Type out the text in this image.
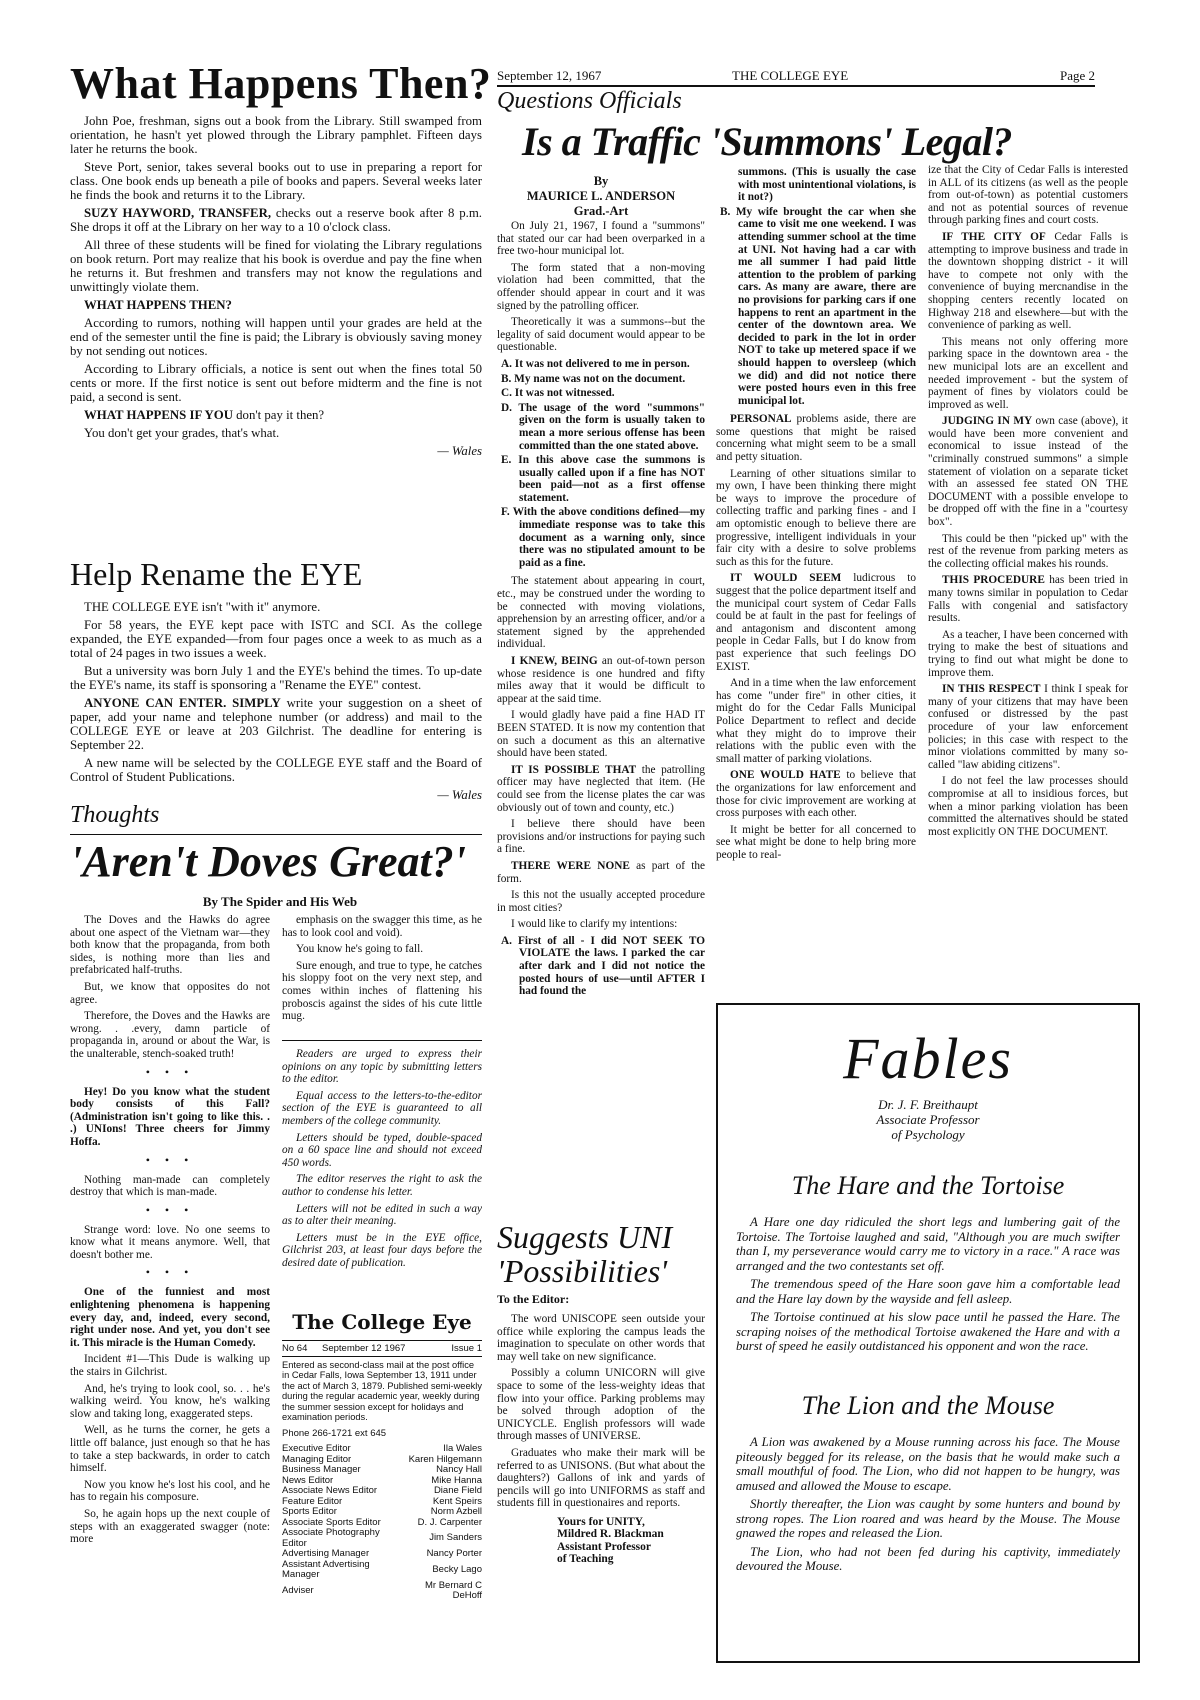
September 12, 1967	THE COLLEGE EYE	Page 2
What Happens Then?

John Poe, freshman, signs out a book from the Library. Still swamped from orientation, he hasn't yet plowed through the Library pamphlet. Fifteen days later he returns the book.

Steve Port, senior, takes several books out to use in preparing a report for class. One book ends up beneath a pile of books and papers. Several weeks later he finds the book and returns it to the Library.

SUZY HAYWORD, TRANSFER, checks out a reserve book after 8 p.m. She drops it off at the Library on her way to a 10 o'clock class.

All three of these students will be fined for violating the Library regulations on book return. Port may realize that his book is overdue and pay the fine when he returns it. But freshmen and transfers may not know the regulations and unwittingly violate them.

WHAT HAPPENS THEN?

According to rumors, nothing will happen until your grades are held at the end of the semester until the fine is paid; the Library is obviously saving money by not sending out notices.

According to Library officials, a notice is sent out when the fines total 50 cents or more. If the first notice is sent out before midterm and the fine is not paid, a second is sent.

WHAT HAPPENS IF YOU don't pay it then?

You don't get your grades, that's what.

— Wales
Help Rename the EYE

THE COLLEGE EYE isn't "with it" anymore.

For 58 years, the EYE kept pace with ISTC and SCI. As the college expanded, the EYE expanded—from four pages once a week to as much as a total of 24 pages in two issues a week.

But a university was born July 1 and the EYE's behind the times. To up-date the EYE's name, its staff is sponsoring a "Rename the EYE" contest.

ANYONE CAN ENTER. SIMPLY write your suggestion on a sheet of paper, add your name and telephone number (or address) and mail to the COLLEGE EYE or leave at 203 Gilchrist. The deadline for entering is September 22.

A new name will be selected by the COLLEGE EYE staff and the Board of Control of Student Publications.

— Wales
Thoughts
'Aren't Doves Great?'
By The Spider and His Web

The Doves and the Hawks do agree about one aspect of the Vietnam war—they both know that the propaganda, from both sides, is nothing more than lies and prefabricated half-truths.

But, we know that opposites do not agree.

Therefore, the Doves and the Hawks are wrong. . .every, damn particle of propaganda in, around or about the War, is the unalterable, stench-soaked truth!

• • •

Hey! Do you know what the student body consists of this Fall? (Administration isn't going to like this. . .) UNIons! Three cheers for Jimmy Hoffa.

• • •

Nothing man-made can completely destroy that which is man-made.

• • •

Strange word: love. No one seems to know what it means anymore. Well, that doesn't bother me.

• • •

One of the funniest and most enlightening phenomena is happening every day, and, indeed, every second, right under nose. And yet, you don't see it. This miracle is the Human Comedy.

Incident #1—This Dude is walking up the stairs in Gilchrist.

And, he's trying to look cool, so. . . he's walking weird. You know, he's walking slow and taking long, exaggerated steps.

Well, as he turns the corner, he gets a little off balance, just enough so that he has to take a step backwards, in order to catch himself.

Now you know he's lost his cool, and he has to regain his composure.

So, he again hops up the next couple of steps with an exaggerated swagger (note: more

emphasis on the swagger this time, as he has to look cool and void).

You know he's going to fall.

Sure enough, and true to type, he catches his sloppy foot on the very next step, and comes within inches of flattening his proboscis against the sides of his cute little mug.

Readers are urged to express their opinions on any topic by submitting letters to the editor.

Equal access to the letters-to-the-editor section of the EYE is guaranteed to all members of the college community.

Letters should be typed, double-spaced on a 60 space line and should not exceed 450 words.

The editor reserves the right to ask the author to condense his letter.

Letters will not be edited in such a way as to alter their meaning.

Letters must be in the EYE office, Gilchrist 203, at least four days before the desired date of publication.

The College Eye
No 64 September 12 1967	Issue 1
Entered as second-class mail at the post office in Cedar Falls, Iowa September 13, 1911 under the act of March 3, 1879. Published semi-weekly during the regular academic year, weekly during the summer session except for holidays and examination periods.
Phone 266-1721 ext 645
Executive Editor	Ila Wales
Managing Editor	Karen Hilgemann
Business Manager	Nancy Hall
News Editor	Mike Hanna
Associate News Editor	Diane Field
Feature Editor	Kent Speirs
Sports Editor	Norm Azbell
Associate Sports Editor	D. J. Carpenter
Associate Photography Editor	Jim Sanders
Advertising Manager	Nancy Porter
Assistant Advertising Manager	Becky Lago
Adviser	Mr Bernard C DeHoff
Questions Officials
Is a Traffic 'Summons' Legal?
By
MAURICE L. ANDERSON
Grad.-Art

On July 21, 1967, I found a "summons" that stated our car had been overparked in a free two-hour municipal lot.

The form stated that a non-moving violation had been committed, that the offender should appear in court and it was signed by the patrolling officer.

Theoretically it was a summons--but the legality of said document would appear to be questionable.

A. It was not delivered to me in person.
B. My name was not on the document.
C. It was not witnessed.
D. The usage of the word "summons" given on the form is usually taken to mean a more serious offense has been committed than the one stated above.
E. In this above case the summons is usually called upon if a fine has NOT been paid—not as a first offense statement.
F. With the above conditions defined—my immediate response was to take this document as a warning only, since there was no stipulated amount to be paid as a fine.

The statement about appearing in court, etc., may be construed under the wording to be connected with moving violations, apprehension by an arresting officer, and/or a statement signed by the apprehended individual.

I KNEW, BEING an out-of-town person whose residence is one hundred and fifty miles away that it would be difficult to appear at the said time.

I would gladly have paid a fine HAD IT BEEN STATED. It is now my contention that on such a document as this an alternative should have been stated.

IT IS POSSIBLE THAT the patrolling officer may have neglected that item. (He could see from the license plates the car was obviously out of town and county, etc.)

I believe there should have been provisions and/or instructions for paying such a fine.

THERE WERE NONE as part of the form.

Is this not the usually accepted procedure in most cities?

I would like to clarify my intentions:

A. First of all - I did NOT SEEK TO VIOLATE the laws. I parked the car after dark and I did not notice the posted hours of use—until AFTER I had found the
summons. (This is usually the case with most unintentional violations, is it not?)
B. My wife brought the car when she came to visit me one weekend. I was attending summer school at the time at UNI. Not having had a car with me all summer I had paid little attention to the problem of parking cars. As many are aware, there are no provisions for parking cars if one happens to rent an apartment in the center of the downtown area. We decided to park in the lot in order NOT to take up metered space if we should happen to oversleep (which we did) and did not notice there were posted hours even in this free municipal lot.

PERSONAL problems aside, there are some questions that might be raised concerning what might seem to be a small and petty situation.

Learning of other situations similar to my own, I have been thinking there might be ways to improve the procedure of collecting traffic and parking fines - and I am optomistic enough to believe there are progressive, intelligent individuals in your fair city with a desire to solve problems such as this for the future.

IT WOULD SEEM ludicrous to suggest that the police department itself and the municipal court system of Cedar Falls could be at fault in the past for feelings of and antagonism and discontent among people in Cedar Falls, but I do know from past experience that such feelings DO EXIST.

And in a time when the law enforcement has come "under fire" in other cities, it might do for the Cedar Falls Municipal Police Department to reflect and decide what they might do to improve their relations with the public even with the small matter of parking violations.

ONE WOULD HATE to believe that the organizations for law enforcement and those for civic improvement are working at cross purposes with each other.

It might be better for all concerned to see what might be done to help bring more people to real-

ize that the City of Cedar Falls is interested in ALL of its citizens (as well as the people from out-of-town) as potential customers and not as potential sources of revenue through parking fines and court costs.

IF THE CITY OF Cedar Falls is attempting to improve business and trade in the downtown shopping district - it will have to compete not only with the convenience of buying mercnandise in the shopping centers recently located on Highway 218 and elsewhere—but with the convenience of parking as well.

This means not only offering more parking space in the downtown area - the new municipal lots are an excellent and needed improvement - but the system of payment of fines by violators could be improved as well.

JUDGING IN MY own case (above), it would have been more convenient and economical to issue instead of the "criminally construed summons" a simple statement of violation on a separate ticket with an assessed fee stated ON THE DOCUMENT with a possible envelope to be dropped off with the fine in a "courtesy box".

This could be then "picked up" with the rest of the revenue from parking meters as the collecting official makes his rounds.

THIS PROCEDURE has been tried in many towns similar in population to Cedar Falls with congenial and satisfactory results.

As a teacher, I have been concerned with trying to make the best of situations and trying to find out what might be done to improve them.

IN THIS RESPECT I think I speak for many of your citizens that may have been confused or distressed by the past procedure of your law enforcement policies; in this case with respect to the minor violations committed by many so-called "law abiding citizens".

I do not feel the law processes should compromise at all to insidious forces, but when a minor parking violation has been committed the alternatives should be stated most explicitly ON THE DOCUMENT.

Suggests UNI
'Possibilities'
To the Editor:

The word UNISCOPE seen outside your office while exploring the campus leads the imagination to speculate on other words that may well take on new significance.

Possibly a column UNICORN will give space to some of the less-weighty ideas that flow into your office. Parking problems may be solved through adoption of the UNICYCLE. English professors will wade through masses of UNIVERSE.

Graduates who make their mark will be referred to as UNISONS. (But what about the daughters?) Gallons of ink and yards of pencils will go into UNIFORMS as staff and students fill in questionaires and reports.

Yours for UNITY,
Mildred R. Blackman
Assistant Professor
of Teaching
Fables
Dr. J. F. Breithaupt
Associate Professor
of Psychology
The Hare and the Tortoise

A Hare one day ridiculed the short legs and lumbering gait of the Tortoise. The Tortoise laughed and said, "Although you are much swifter than I, my perseverance would carry me to victory in a race." A race was arranged and the two contestants set off.

The tremendous speed of the Hare soon gave him a comfortable lead and the Hare lay down by the wayside and fell asleep.

The Tortoise continued at his slow pace until he passed the Hare. The scraping noises of the methodical Tortoise awakened the Hare and with a burst of speed he easily outdistanced his opponent and won the race.

The Lion and the Mouse

A Lion was awakened by a Mouse running across his face. The Mouse piteously begged for its release, on the basis that he would make such a small mouthful of food. The Lion, who did not happen to be hungry, was amused and allowed the Mouse to escape.

Shortly thereafter, the Lion was caught by some hunters and bound by strong ropes. The Lion roared and was heard by the Mouse. The Mouse gnawed the ropes and released the Lion.

The Lion, who had not been fed during his captivity, immediately devoured the Mouse.
